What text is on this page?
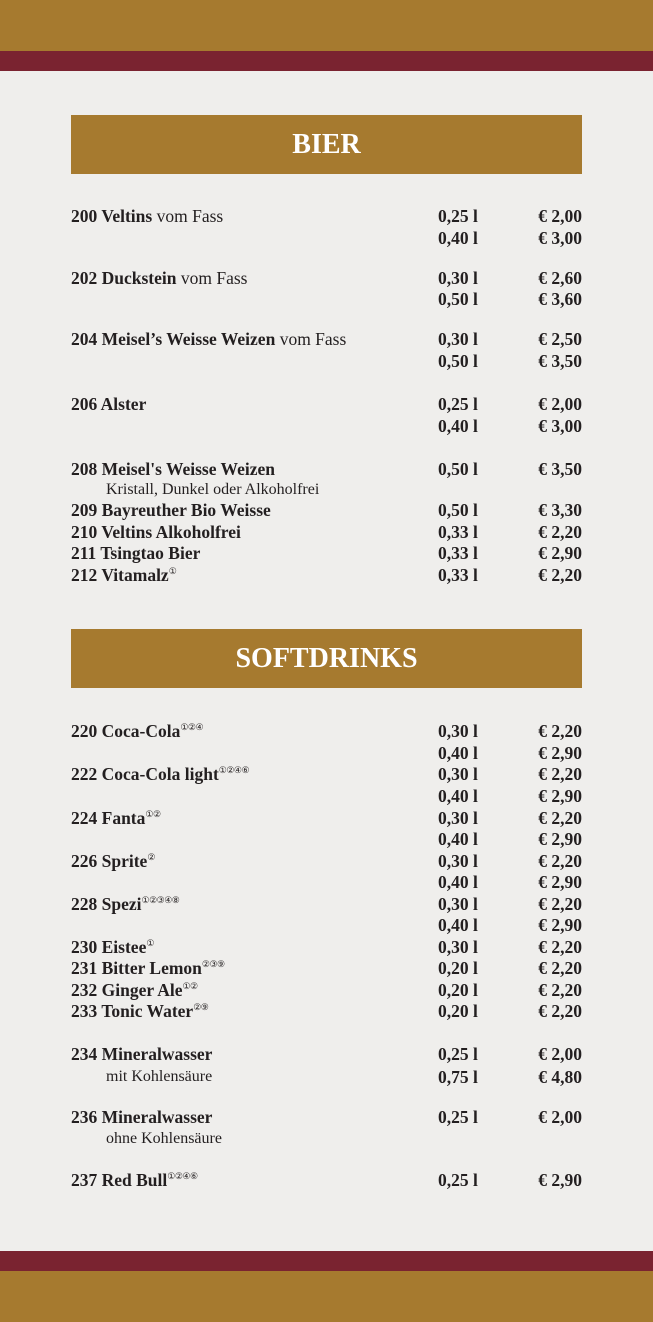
BIER
200 Veltins vom Fass	0,25 l	€ 2,00
0,40 l	€ 3,00
202 Duckstein vom Fass	0,30 l	€ 2,60
0,50 l	€ 3,60
204 Meisel’s Weisse Weizen vom Fass	0,30 l	€ 2,50
0,50 l	€ 3,50
206 Alster	0,25 l	€ 2,00
0,40 l	€ 3,00
208 Meisel's Weisse Weizen	0,50 l	€ 3,50
Kristall, Dunkel oder Alkoholfrei
209 Bayreuther Bio Weisse	0,50 l	€ 3,30
210 Veltins Alkoholfrei	0,33 l	€ 2,20
211 Tsingtao Bier	0,33 l	€ 2,90
212 Vitamalz①	0,33 l	€ 2,20
SOFTDRINKS
220 Coca-Cola①②④	0,30 l	€ 2,20
0,40 l	€ 2,90
222 Coca-Cola light①②④⑥	0,30 l	€ 2,20
0,40 l	€ 2,90
224 Fanta①②	0,30 l	€ 2,20
0,40 l	€ 2,90
226 Sprite②	0,30 l	€ 2,20
0,40 l	€ 2,90
228 Spezi①②③④⑧	0,30 l	€ 2,20
0,40 l	€ 2,90
230 Eistee①	0,30 l	€ 2,20
231 Bitter Lemon②③⑨	0,20 l	€ 2,20
232 Ginger Ale①②	0,20 l	€ 2,20
233 Tonic Water②⑨	0,20 l	€ 2,20
234 Mineralwasser	0,25 l	€ 2,00
mit Kohlensäure	0,75 l	€ 4,80
236 Mineralwasser	0,25 l	€ 2,00
ohne Kohlensäure
237 Red Bull①②④⑥	0,25 l	€ 2,90
